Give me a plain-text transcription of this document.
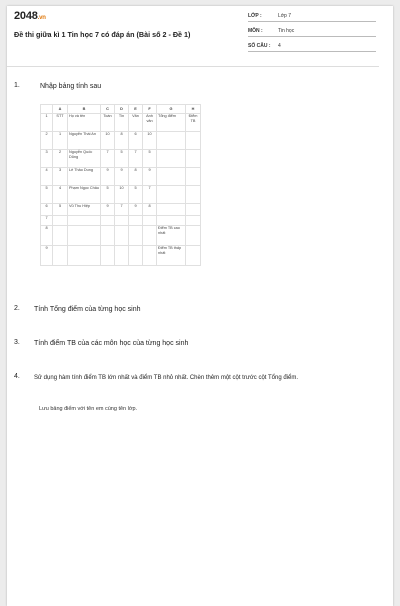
2048.vn
Đề thi giữa kì 1 Tin học 7 có đáp án (Bài số 2 - Đề 1)
LỚP :	Lớp 7
MÔN :	Tin học
SỐ CÂU :	4
1.	Nhập bảng tính sau
	A	B	C	D	E	F	G	H
1	STT	Họ và tên	Toán	Tin	Văn	Anh văn	Tổng điểm	Điểm TB
2	1	Nguyễn Thái An	10	8	6	10		
3	2	Nguyễn Quốc Dũng	7	5	7	5		
4	3	Lê Thảo Dung	9	9	8	9		
5	4	Phạm Ngọc Châu	5	10	5	7		
6	5	Vũ Thu Hiệp	9	7	9	8		
7								
8							Điểm TB cao nhất	
9							Điểm TB thấp nhất	
2.	Tính Tổng điểm của từng học sinh
3.	Tính điểm TB của các môn học của từng học sinh
4.	Sử dụng hàm tính điểm TB lớn nhất và điểm TB nhỏ nhất. Chèn thêm một cột trước cột Tổng điểm.
Lưu bảng điểm với tên em cùng tên lớp.
